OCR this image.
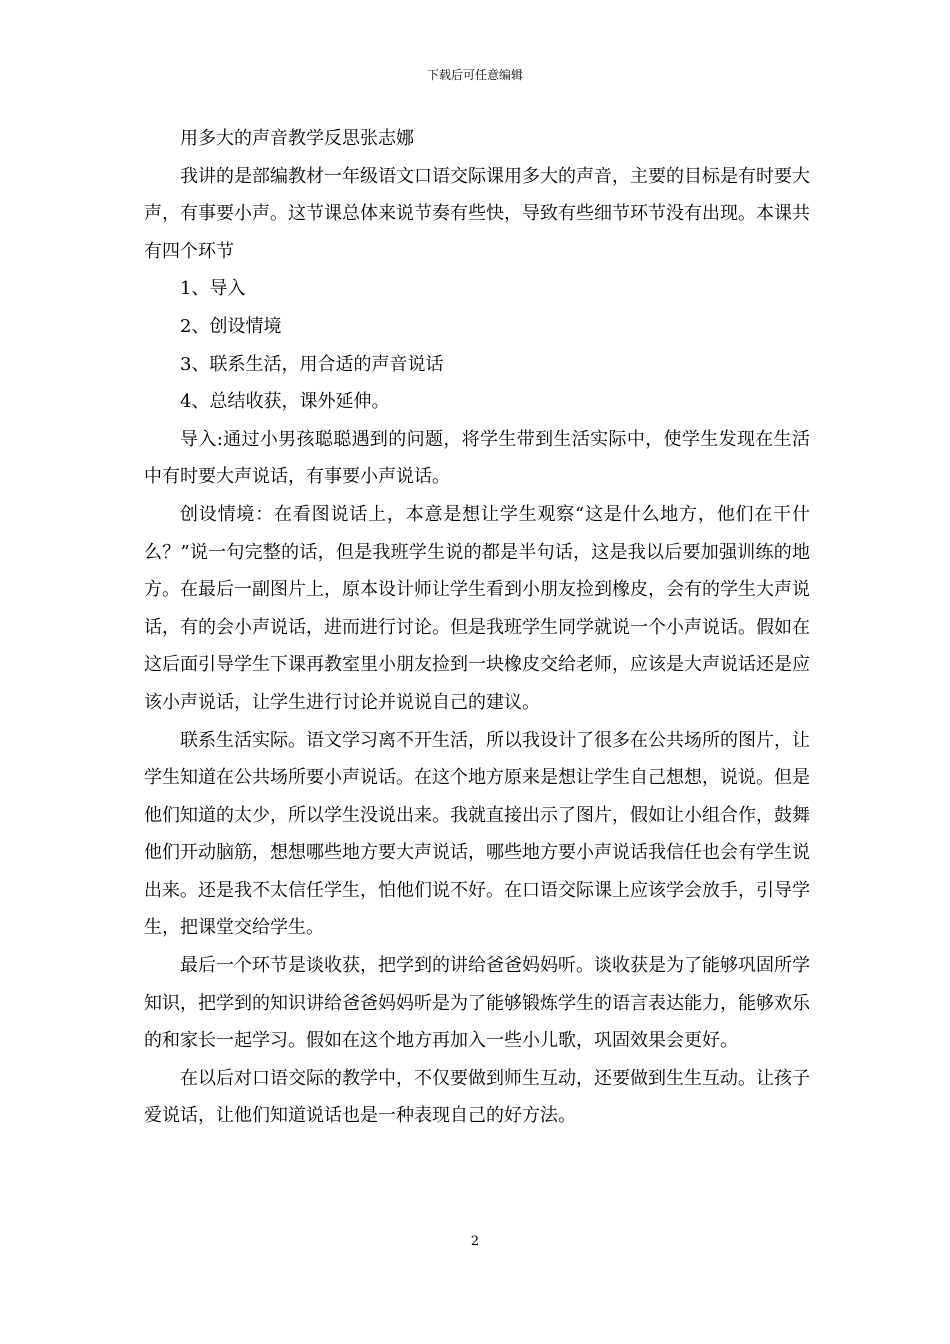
下载后可任意编辑

用多大的声音教学反思张志娜

我讲的是部编教材一年级语文口语交际课用多大的声音，主要的目标是有时要大声，有事要小声。这节课总体来说节奏有些快，导致有些细节环节没有出现。本课共有四个环节

1、导入

2、创设情境

3、联系生活，用合适的声音说话

4、总结收获，课外延伸。

导入:通过小男孩聪聪遇到的问题，将学生带到生活实际中，使学生发现在生活中有时要大声说话，有事要小声说话。

创设情境：在看图说话上，本意是想让学生观察“这是什么地方，他们在干什么？”说一句完整的话，但是我班学生说的都是半句话，这是我以后要加强训练的地方。在最后一副图片上，原本设计师让学生看到小朋友捡到橡皮，会有的学生大声说话，有的会小声说话，进而进行讨论。但是我班学生同学就说一个小声说话。假如在这后面引导学生下课再教室里小朋友捡到一块橡皮交给老师，应该是大声说话还是应该小声说话，让学生进行讨论并说说自己的建议。

联系生活实际。语文学习离不开生活，所以我设计了很多在公共场所的图片，让学生知道在公共场所要小声说话。在这个地方原来是想让学生自己想想，说说。但是他们知道的太少，所以学生没说出来。我就直接出示了图片，假如让小组合作，鼓舞他们开动脑筋，想想哪些地方要大声说话，哪些地方要小声说话我信任也会有学生说出来。还是我不太信任学生，怕他们说不好。在口语交际课上应该学会放手，引导学生，把课堂交给学生。

最后一个环节是谈收获，把学到的讲给爸爸妈妈听。谈收获是为了能够巩固所学知识，把学到的知识讲给爸爸妈妈听是为了能够锻炼学生的语言表达能力，能够欢乐的和家长一起学习。假如在这个地方再加入一些小儿歌，巩固效果会更好。

在以后对口语交际的教学中，不仅要做到师生互动，还要做到生生互动。让孩子爱说话，让他们知道说话也是一种表现自己的好方法。

2
